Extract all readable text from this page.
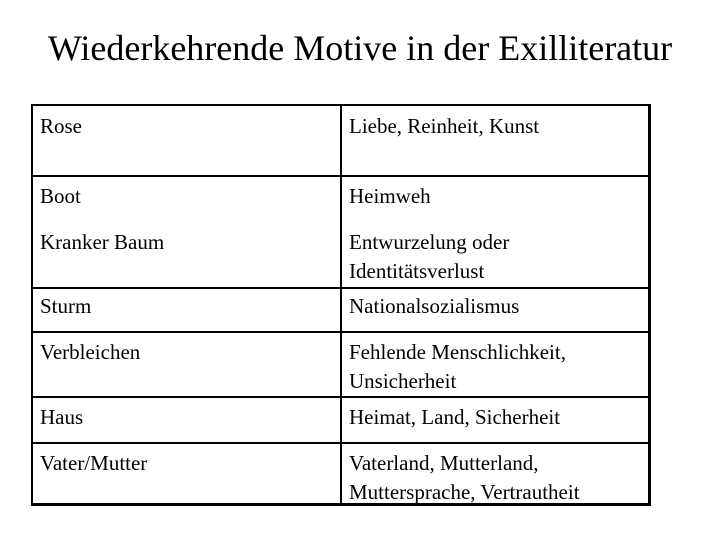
Wiederkehrende Motive in der Exilliteratur
Rose	Liebe, Reinheit, Kunst
Boot	Heimweh
Kranker Baum	Entwurzelung oder
Identitätsverlust
Sturm	Nationalsozialismus
Verbleichen	Fehlende Menschlichkeit,
Unsicherheit
Haus	Heimat, Land, Sicherheit
Vater/Mutter	Vaterland, Mutterland,
Muttersprache, Vertrautheit
